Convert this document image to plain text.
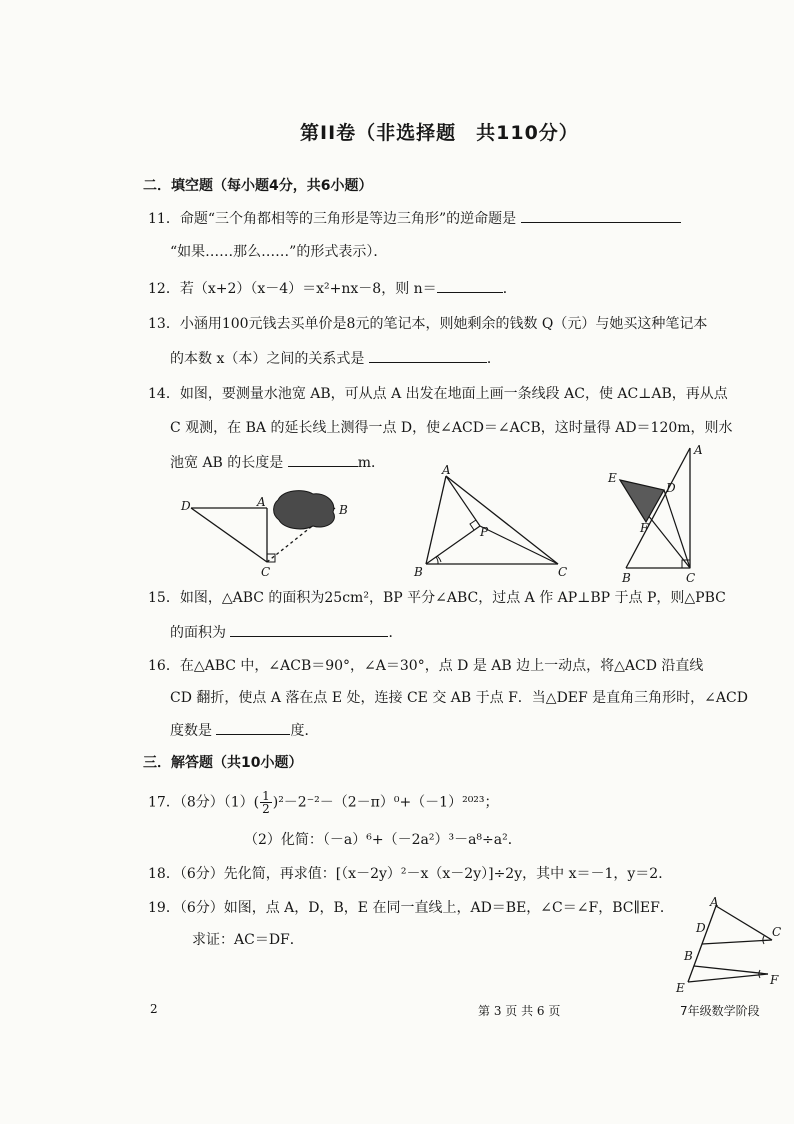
第II卷（非选择题　共110分）
二．填空题（每小题4分，共6小题）
11．命题“三个角都相等的三角形是等边三角形”的逆命题是
“如果……那么……”的形式表示）．
12．若（x+2）（x－4）＝x²+nx－8，则 n＝	．
13．小涵用100元钱去买单价是8元的笔记本，则她剩余的钱数 Q（元）与她买这种笔记本
的本数 x（本）之间的关系式是	．
14．如图，要测量水池宽 AB，可从点 A 出发在地面上画一条线段 AC，使 AC⊥AB，再从点
C 观测，在 BA 的延长线上测得一点 D，使∠ACD＝∠ACB，这时量得 AD＝120m，则水
池宽 AB 的长度是	m．
D	A
B
C
A
P
B	C
E
D
F
A
B	C
15．如图，△ABC 的面积为25cm²，BP 平分∠ABC，过点 A 作 AP⊥BP 于点 P，则△PBC
的面积为	．
16．在△ABC 中，∠ACB＝90°，∠A＝30°，点 D 是 AB 边上一动点，将△ACD 沿直线
CD 翻折，使点 A 落在点 E 处，连接 CE 交 AB 于点 F．当△DEF 是直角三角形时，∠ACD
度数是	度．
三．解答题（共10小题）
17．（8分）$(1)( \frac{1}{2} )^2-2^{-2}-(2-\pi)^0+(-1)^{2023}$；
（2）化简：（－a）⁶+（－2a²）³－a⁸÷a²．
18．（6分）先化简，再求值：[（x－2y）²－x（x－2y）]÷2y，其中 x＝－1，y＝2．
19．（6分）如图，点 A，D，B，E 在同一直线上，AD＝BE，∠C＝∠F，BC∥EF．
求证：AC＝DF．
A
D
B
E
F
C
2	第 3 页 共 6 页	7年级数学阶段
